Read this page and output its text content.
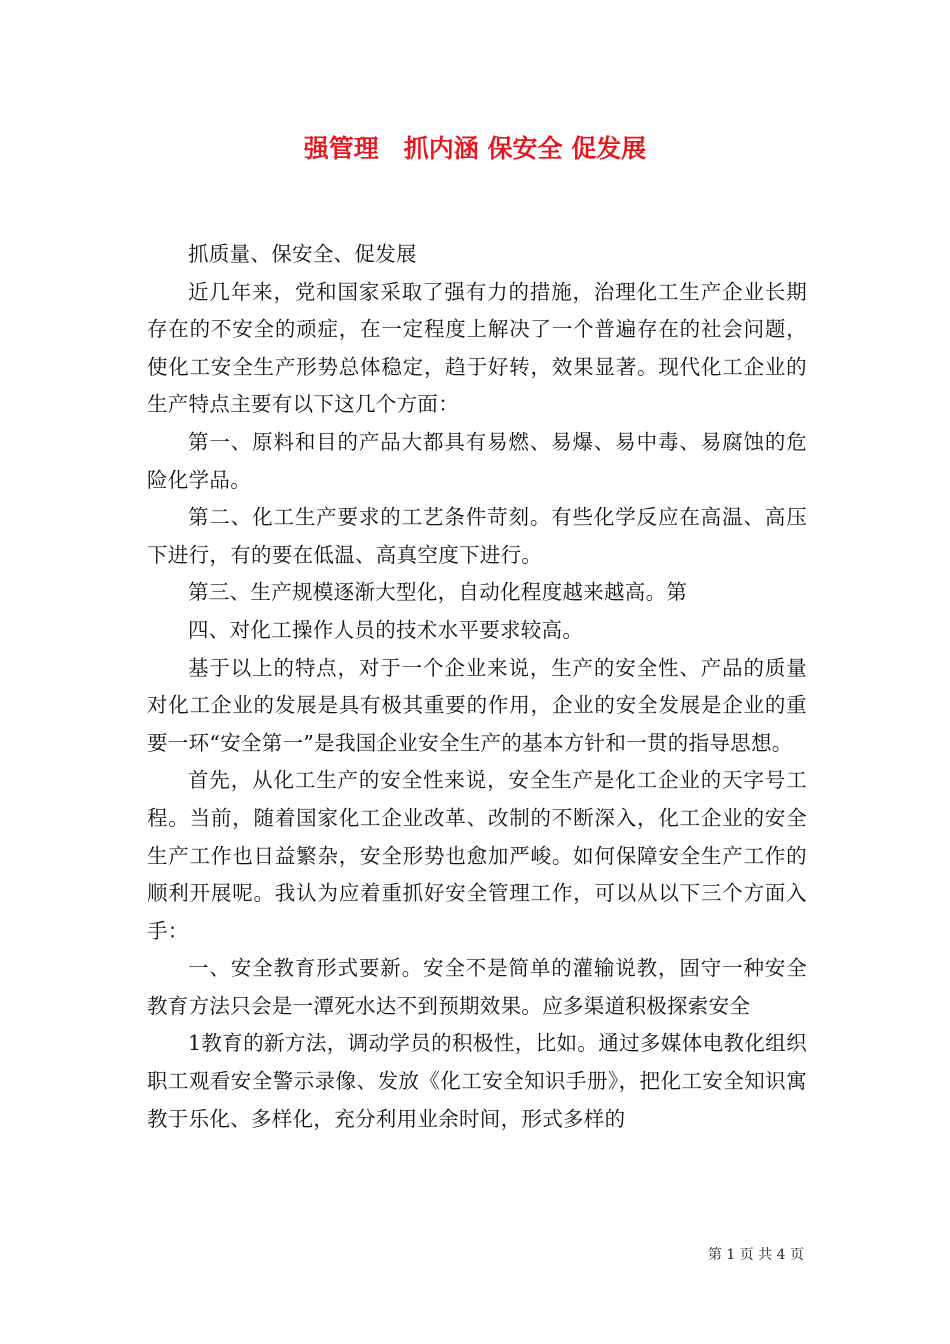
强管理　抓内涵 保安全 促发展

抓质量、保安全、促发展

近几年来，党和国家采取了强有力的措施，治理化工生产企业长期存在的不安全的顽症，在一定程度上解决了一个普遍存在的社会问题，使化工安全生产形势总体稳定，趋于好转，效果显著。现代化工企业的生产特点主要有以下这几个方面：

第一、原料和目的产品大都具有易燃、易爆、易中毒、易腐蚀的危险化学品。

第二、化工生产要求的工艺条件苛刻。有些化学反应在高温、高压下进行，有的要在低温、高真空度下进行。

第三、生产规模逐渐大型化，自动化程度越来越高。第

四、对化工操作人员的技术水平要求较高。

基于以上的特点，对于一个企业来说，生产的安全性、产品的质量对化工企业的发展是具有极其重要的作用，企业的安全发展是企业的重要一环“安全第一”是我国企业安全生产的基本方针和一贯的指导思想。

首先，从化工生产的安全性来说，安全生产是化工企业的天字号工程。当前，随着国家化工企业改革、改制的不断深入，化工企业的安全生产工作也日益繁杂，安全形势也愈加严峻。如何保障安全生产工作的顺利开展呢。我认为应着重抓好安全管理工作，可以从以下三个方面入手：

一、安全教育形式要新。安全不是简单的灌输说教，固守一种安全教育方法只会是一潭死水达不到预期效果。应多渠道积极探索安全

1教育的新方法，调动学员的积极性，比如。通过多媒体电教化组织职工观看安全警示录像、发放《化工安全知识手册》，把化工安全知识寓教于乐化、多样化，充分利用业余时间，形式多样的

第 1 页 共 4 页
